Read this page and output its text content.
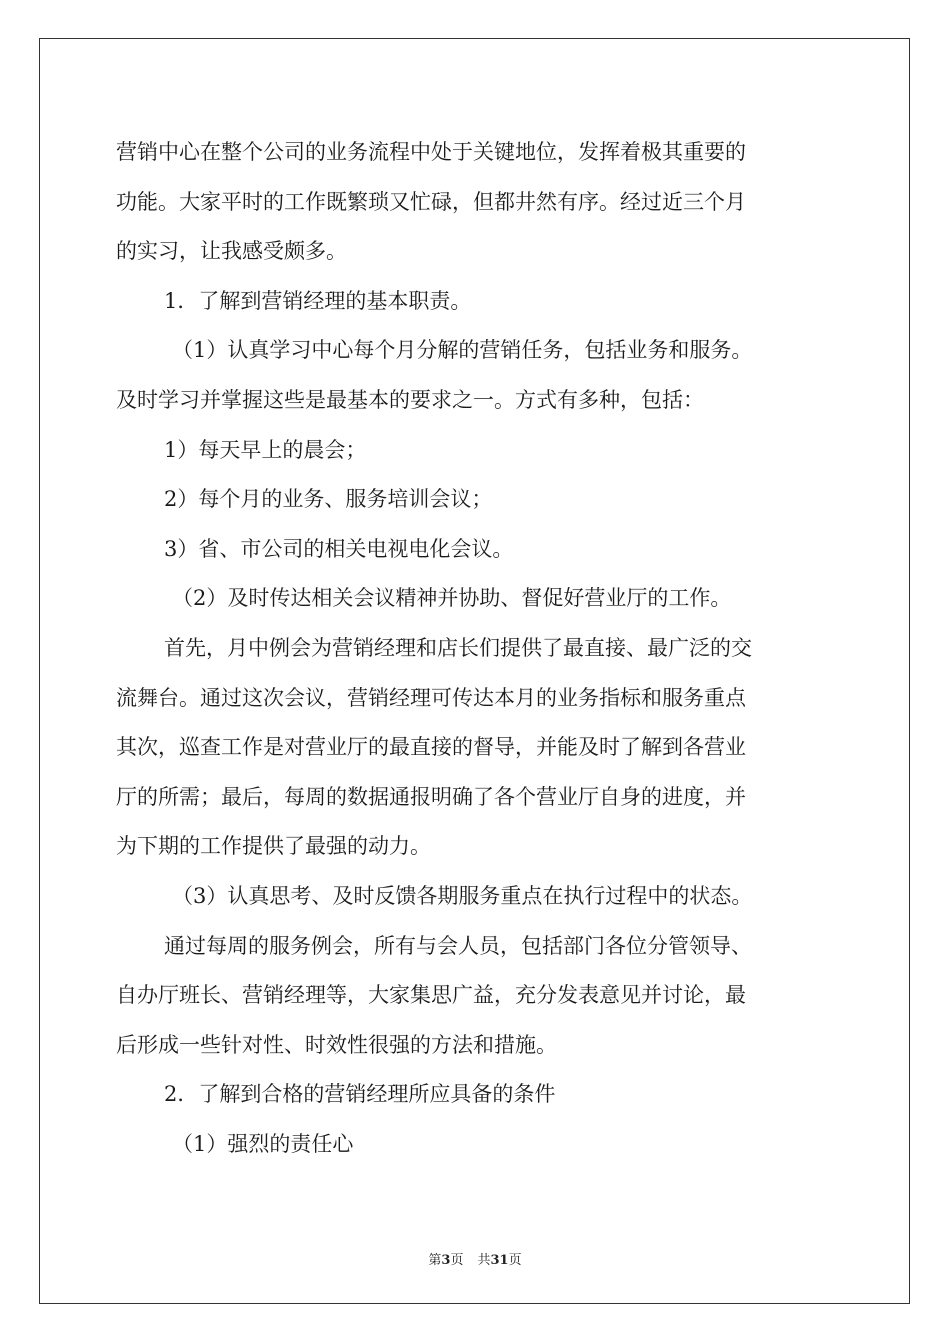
营销中心在整个公司的业务流程中处于关键地位，发挥着极其重要的

功能。大家平时的工作既繁琐又忙碌，但都井然有序。经过近三个月

的实习，让我感受颇多。

1．了解到营销经理的基本职责。

（1）认真学习中心每个月分解的营销任务，包括业务和服务。

及时学习并掌握这些是最基本的要求之一。方式有多种，包括：

1）每天早上的晨会；

2）每个月的业务、服务培训会议；

3）省、市公司的相关电视电化会议。

（2）及时传达相关会议精神并协助、督促好营业厅的工作。

首先，月中例会为营销经理和店长们提供了最直接、最广泛的交

流舞台。通过这次会议，营销经理可传达本月的业务指标和服务重点

其次，巡查工作是对营业厅的最直接的督导，并能及时了解到各营业

厅的所需；最后，每周的数据通报明确了各个营业厅自身的进度，并

为下期的工作提供了最强的动力。

（3）认真思考、及时反馈各期服务重点在执行过程中的状态。

通过每周的服务例会，所有与会人员，包括部门各位分管领导、

自办厅班长、营销经理等，大家集思广益，充分发表意见并讨论，最

后形成一些针对性、时效性很强的方法和措施。

2．了解到合格的营销经理所应具备的条件

（1）强烈的责任心

第3页 共31页
